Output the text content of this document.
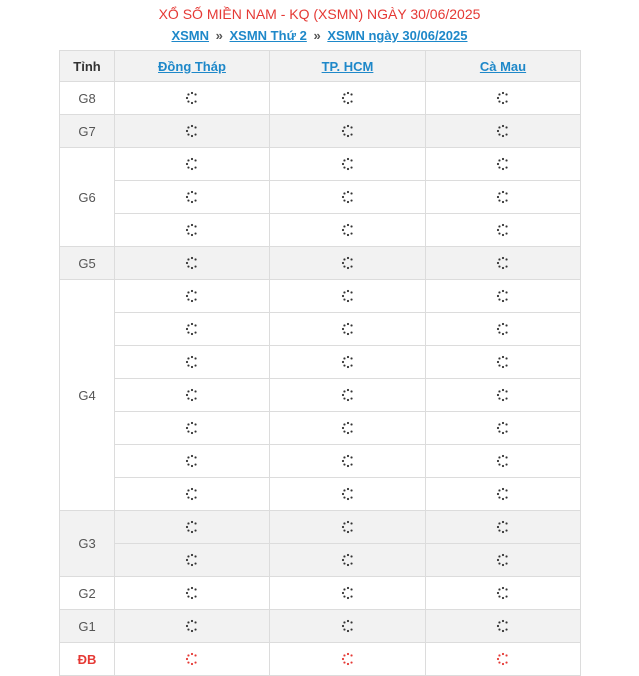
XỔ SỐ MIỀN NAM - KQ (XSMN) NGÀY 30/06/2025
XSMN » XSMN Thứ 2 » XSMN ngày 30/06/2025
Tỉnh	Đồng Tháp	TP. HCM	Cà Mau
G8			
G7			
G6			

G5			
G4			

G3			

G2			
G1			
ĐB			
